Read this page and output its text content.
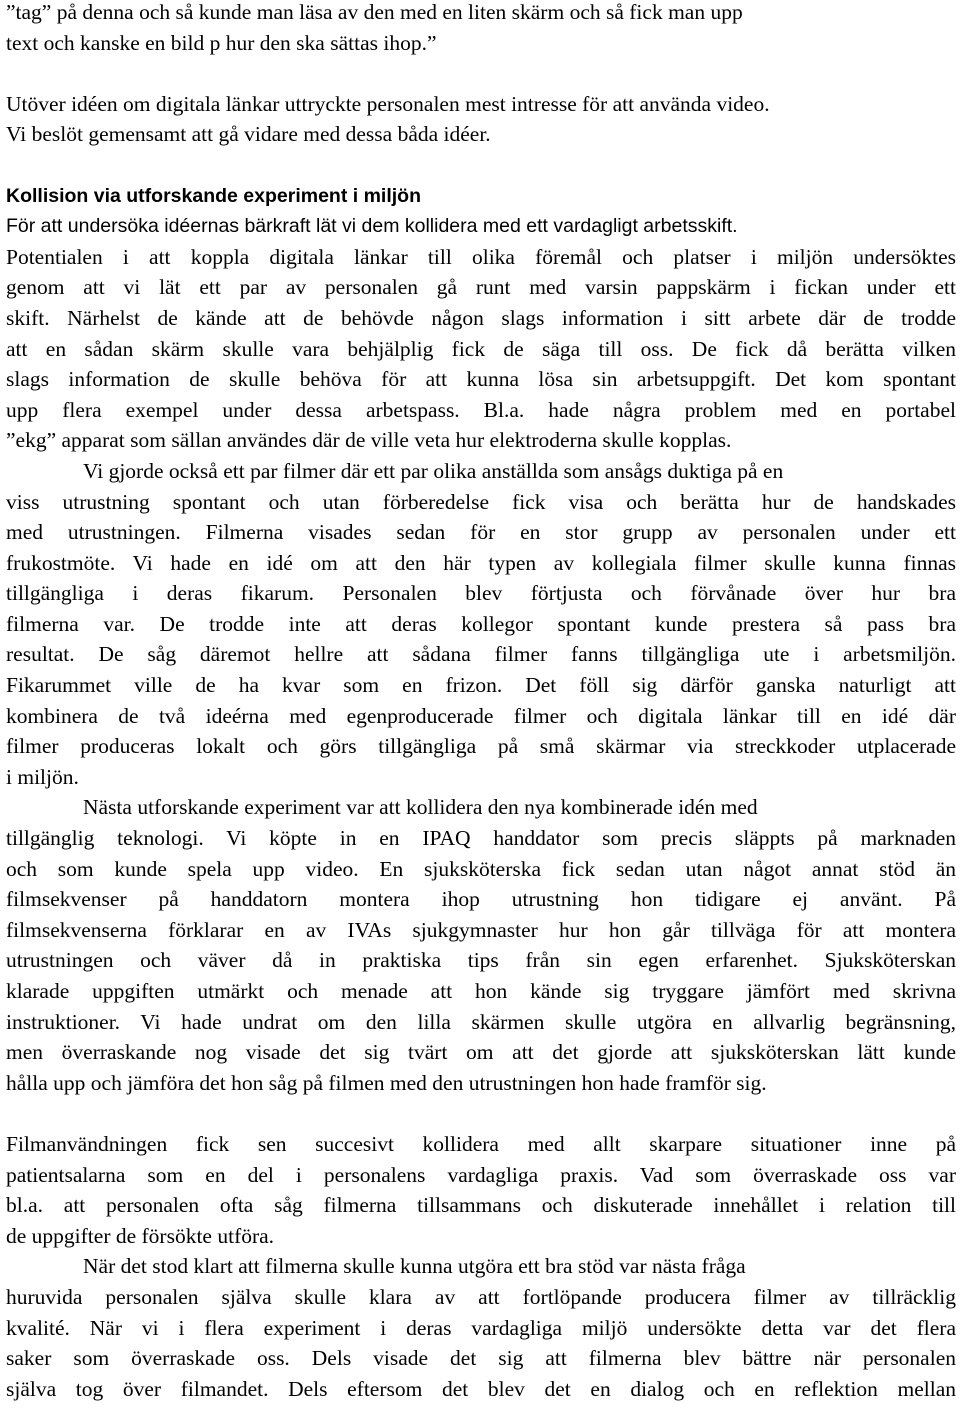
”tag” på denna och så kunde man läsa av den med en liten skärm och så fick man upp
text och kanske en bild p hur den ska sättas ihop.”
Utöver idéen om digitala länkar uttryckte personalen mest intresse för att använda video.
Vi beslöt gemensamt att gå vidare med dessa båda idéer.
Kollision via utforskande experiment i miljön
För att undersöka idéernas bärkraft lät vi dem kollidera med ett vardagligt arbetsskift.
Potentialen i att koppla digitala länkar till olika föremål och platser i miljön undersöktes
genom att vi lät ett par av personalen gå runt med varsin pappskärm i fickan under ett
skift. Närhelst de kände att de behövde någon slags information i sitt arbete där de trodde
att en sådan skärm skulle vara behjälplig fick de säga till oss. De fick då berätta vilken
slags information de skulle behöva för att kunna lösa sin arbetsuppgift. Det kom spontant
upp flera exempel under dessa arbetspass. Bl.a. hade några problem med en portabel
”ekg” apparat som sällan användes där de ville veta hur elektroderna skulle kopplas.
Vi gjorde också ett par filmer där ett par olika anställda som ansågs duktiga på en
viss utrustning spontant och utan förberedelse fick visa och berätta hur de handskades
med utrustningen. Filmerna visades sedan för en stor grupp av personalen under ett
frukostmöte. Vi hade en idé om att den här typen av kollegiala filmer skulle kunna finnas
tillgängliga i deras fikarum. Personalen blev förtjusta och förvånade över hur bra
filmerna var. De trodde inte att deras kollegor spontant kunde prestera så pass bra
resultat. De såg däremot hellre att sådana filmer fanns tillgängliga ute i arbetsmiljön.
Fikarummet ville de ha kvar som en frizon. Det föll sig därför ganska naturligt att
kombinera de två ideérna med egenproducerade filmer och digitala länkar till en idé där
filmer produceras lokalt och görs tillgängliga på små skärmar via streckkoder utplacerade
i miljön.
Nästa utforskande experiment var att kollidera den nya kombinerade idén med
tillgänglig teknologi. Vi köpte in en IPAQ handdator som precis släppts på marknaden
och som kunde spela upp video. En sjuksköterska fick sedan utan något annat stöd än
filmsekvenser på handdatorn montera ihop utrustning hon tidigare ej använt. På
filmsekvenserna förklarar en av IVAs sjukgymnaster hur hon går tillväga för att montera
utrustningen och väver då in praktiska tips från sin egen erfarenhet. Sjuksköterskan
klarade uppgiften utmärkt och menade att hon kände sig tryggare jämfört med skrivna
instruktioner. Vi hade undrat om den lilla skärmen skulle utgöra en allvarlig begränsning,
men överraskande nog visade det sig tvärt om att det gjorde att sjuksköterskan lätt kunde
hålla upp och jämföra det hon såg på filmen med den utrustningen hon hade framför sig.
Filmanvändningen fick sen succesivt kollidera med allt skarpare situationer inne på
patientsalarna som en del i personalens vardagliga praxis. Vad som överraskade oss var
bl.a. att personalen ofta såg filmerna tillsammans och diskuterade innehållet i relation till
de uppgifter de försökte utföra.
När det stod klart att filmerna skulle kunna utgöra ett bra stöd var nästa fråga
huruvida personalen själva skulle klara av att fortlöpande producera filmer av tillräcklig
kvalité. När vi i flera experiment i deras vardagliga miljö undersökte detta var det flera
saker som överraskade oss. Dels visade det sig att filmerna blev bättre när personalen
själva tog över filmandet. Dels eftersom det blev det en dialog och en reflektion mellan
